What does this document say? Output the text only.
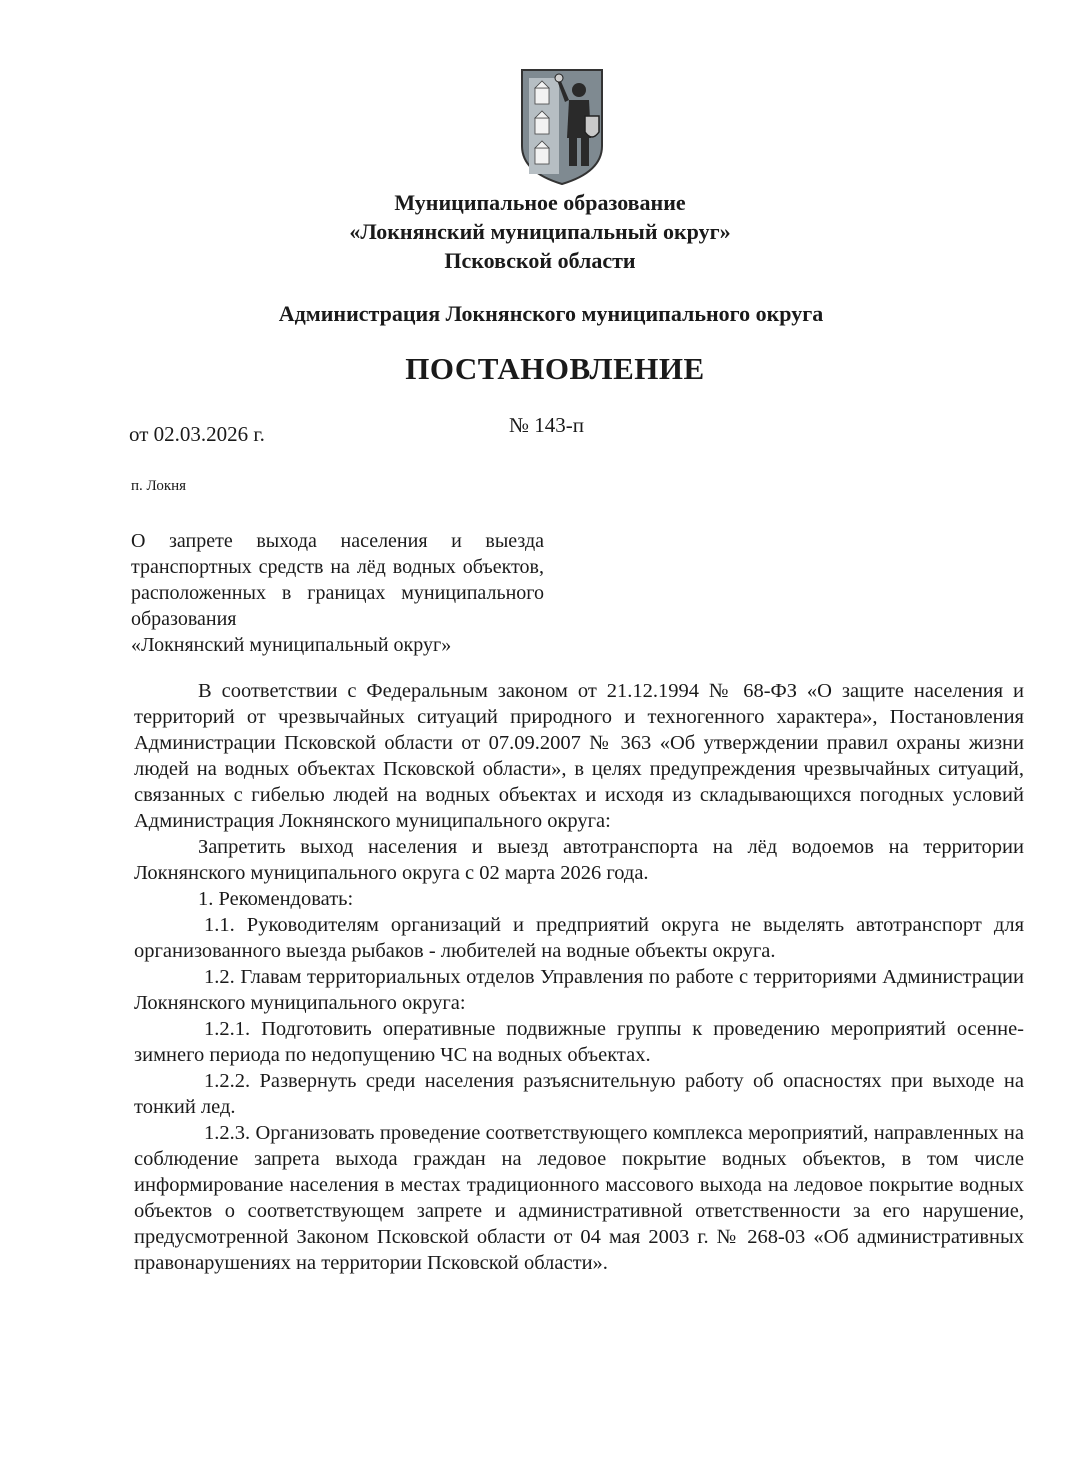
Муниципальное образование
«Локнянский муниципальный округ»
Псковской области
Администрация Локнянского муниципального округа
ПОСТАНОВЛЕНИЕ
от 02.03.2026 г.	№ 143-п
п. Локня
О запрете выхода населения и выезда транспортных средств на лёд водных объектов, расположенных в границах муниципального образования
«Локнянский муниципальный округ»

В соответствии с Федеральным законом от 21.12.1994 № 68-ФЗ «О защите населения и территорий от чрезвычайных ситуаций природного и техногенного характера», Постановления Администрации Псковской области от 07.09.2007 № 363 «Об утверждении правил охраны жизни людей на водных объектах Псковской области», в целях предупреждения чрезвычайных ситуаций, связанных с гибелью людей на водных объектах и исходя из складывающихся погодных условий Администрация Локнянского муниципального округа:

Запретить выход населения и выезд автотранспорта на лёд водоемов на территории Локнянского муниципального округа с 02 марта 2026 года.

1. Рекомендовать:

1.1. Руководителям организаций и предприятий округа не выделять автотранспорт для организованного выезда рыбаков - любителей на водные объекты округа.

1.2. Главам территориальных отделов Управления по работе с территориями Администрации Локнянского муниципального округа:

1.2.1. Подготовить оперативные подвижные группы к проведению мероприятий осенне-зимнего периода по недопущению ЧС на водных объектах.

1.2.2. Развернуть среди населения разъяснительную работу об опасностях при выходе на тонкий лед.

1.2.3. Организовать проведение соответствующего комплекса мероприятий, направленных на соблюдение запрета выхода граждан на ледовое покрытие водных объектов, в том числе информирование населения в местах традиционного массового выхода на ледовое покрытие водных объектов о соответствующем запрете и административной ответственности за его нарушение, предусмотренной Законом Псковской области от 04 мая 2003 г. № 268-03 «Об административных правонарушениях на территории Псковской области».
